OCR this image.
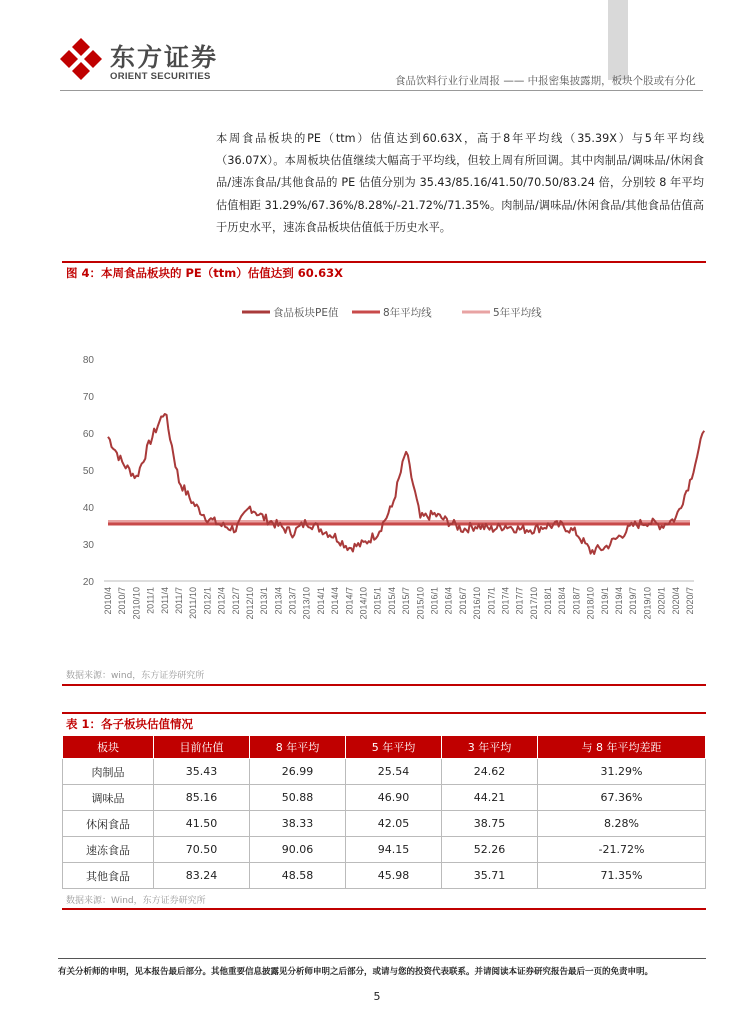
东方证券
ORIENT SECURITIES	食品饮料行业行业周报 —— 中报密集披露期，板块个股或有分化

本周食品板块的PE（ttm）估值达到60.63X，高于8年平均线（35.39X）与5年平均线（36.07X）。本周板块估值继续大幅高于平均线，但较上周有所回调。其中肉制品/调味品/休闲食品/速冻食品/其他食品的 PE 估值分别为 35.43/85.16/41.50/70.50/83.24 倍，分别较 8 年平均估值相距 31.29%/67.36%/8.28%/-21.72%/71.35%。肉制品/调味品/休闲食品/其他食品估值高于历史水平，速冻食品板块估值低于历史水平。

图 4：本周食品板块的 PE（ttm）估值达到 60.63X
食品板块PE值	8年平均线	5年平均线
20
30
40
50
60
70
80
2010/4 2010/7 2010/10 2011/1 2011/4 2011/7 2011/10 2012/1 2012/4 2012/7 2012/10 2013/1 2013/4 2013/7 2013/10 2014/1 2014/4 2014/7 2014/10 2015/1 2015/4 2015/7 2015/10 2016/1 2016/4 2016/7 2016/10 2017/1 2017/4 2017/7 2017/10 2018/1 2018/4 2018/7 2018/10 2019/1 2019/4 2019/7 2019/10 2020/1 2020/4 2020/7
数据来源：wind，东方证券研究所
表 1：各子板块估值情况
板块	目前估值	8 年平均	5 年平均	3 年平均	与 8 年平均差距
肉制品	35.43	26.99	25.54	24.62	31.29%
调味品	85.16	50.88	46.90	44.21	67.36%
休闲食品	41.50	38.33	42.05	38.75	8.28%
速冻食品	70.50	90.06	94.15	52.26	-21.72%
其他食品	83.24	48.58	45.98	35.71	71.35%
数据来源：Wind，东方证券研究所
有关分析师的申明，见本报告最后部分。其他重要信息披露见分析师申明之后部分，或请与您的投资代表联系。并请阅读本证券研究报告最后一页的免责申明。
5
